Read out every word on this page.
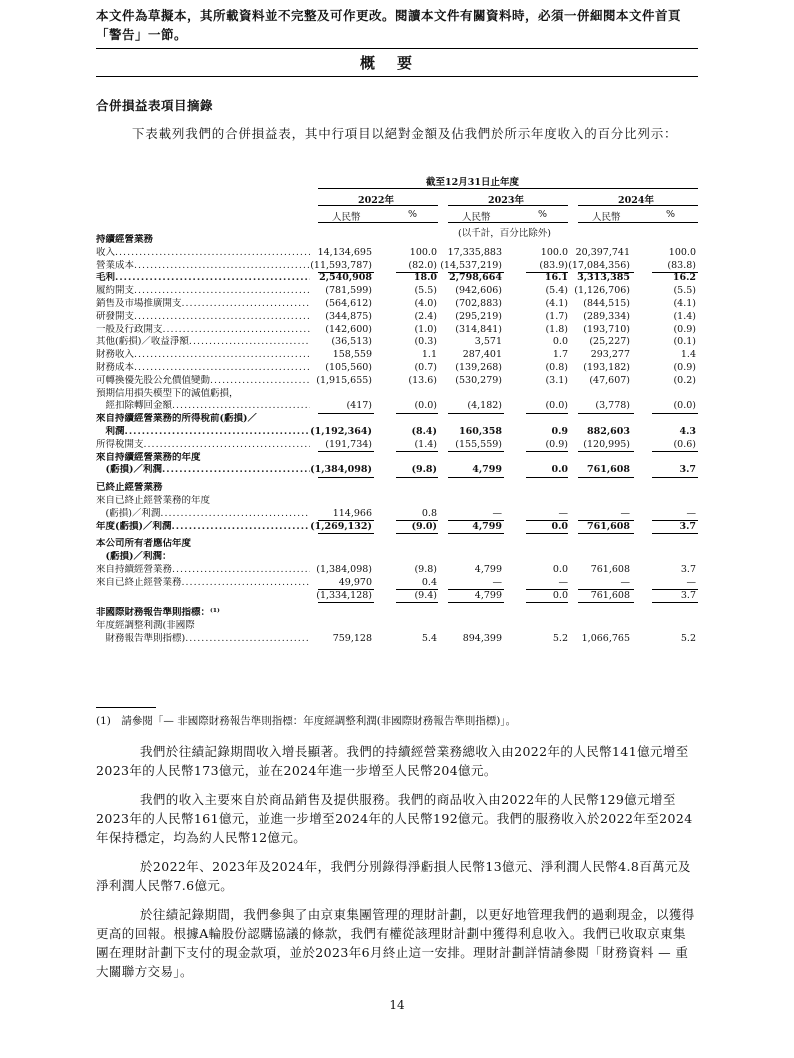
本文件為草擬本，其所載資料並不完整及可作更改。閱讀本文件有關資料時，必須一併細閱本文件首頁「警告」一節。
概要
合併損益表項目摘錄
下表載列我們的合併損益表，其中行項目以絕對金額及佔我們於所示年度收入的百分比列示：
截至12月31日止年度
2022年	2023年	2024年
人民幣	%	人民幣	%	人民幣	%
(以千計，百分比除外)
持續經營業務
收入 .....	14,134,695	100.0 17,335,883	100.0 20,397,741	100.0
營業成本 .....	(11,593,787)	(82.0) (14,537,219)	(83.9) (17,084,356)	(83.8)
毛利 .....	2,540,908	18.0 2,798,664	16.1 3,313,385	16.2
履約開支 .....	(781,599)	(5.5) (942,606)	(5.4) (1,126,706)	(5.5)
銷售及市場推廣開支 .....	(564,612)	(4.0) (702,883)	(4.1) (844,515)	(4.1)
研發開支 .....	(344,875)	(2.4) (295,219)	(1.7) (289,334)	(1.4)
一般及行政開支 .....	(142,600)	(1.0) (314,841)	(1.8) (193,710)	(0.9)
其他(虧損)／收益淨額 .....	(36,513)	(0.3)	3,571	0.0 (25,227)	(0.1)
財務收入 .....	158,559	1.1	287,401	1.7 293,277	1.4
財務成本 .....	(105,560)	(0.7) (139,268)	(0.8) (193,182)	(0.9)
可轉換優先股公允價值變動 .....	(1,915,655)	(13.6) (530,279)	(3.1) (47,607)	(0.2)
預期信用損失模型下的減值虧損，
　經扣除轉回金額 .....	(417)	(0.0)	(4,182)	(0.0)	(3,778)	(0.0)
來自持續經營業務的所得稅前(虧損)／
　利潤 .....	(1,192,364)	(8.4) 160,358	0.9 882,603	4.3
所得稅開支 .....	(191,734)	(1.4) (155,559)	(0.9) (120,995)	(0.6)
來自持續經營業務的年度
　(虧損)／利潤 .....	(1,384,098)	(9.8)	4,799	0.0 761,608	3.7
已終止經營業務
來自已終止經營業務的年度
　(虧損)／利潤 .....	114,966	0.8	—	—	—	—
年度(虧損)／利潤 .....	(1,269,132)	(9.0)	4,799	0.0 761,608	3.7
本公司所有者應佔年度
　(虧損)／利潤：
來自持續經營業務 .....	(1,384,098)	(9.8)	4,799	0.0 761,608	3.7
來自已終止經營業務 .....	49,970	0.4	—	—	—	—
(1,334,128)	(9.4)	4,799	0.0 761,608	3.7
非國際財務報告準則指標：⁽¹⁾
年度經調整利潤(非國際
　財務報告準則指標) .....	759,128	5.4	894,399	5.2 1,066,765	5.2
(1)　請參閱「— 非國際財務報告準則指標：年度經調整利潤(非國際財務報告準則指標)」。
我們於往績記錄期間收入增長顯著。我們的持續經營業務總收入由2022年的人民幣141億元增至2023年的人民幣173億元，並在2024年進一步增至人民幣204億元。
我們的收入主要來自於商品銷售及提供服務。我們的商品收入由2022年的人民幣129億元增至2023年的人民幣161億元，並進一步增至2024年的人民幣192億元。我們的服務收入於2022年至2024年保持穩定，均為約人民幣12億元。
於2022年、2023年及2024年，我們分別錄得淨虧損人民幣13億元、淨利潤人民幣4.8百萬元及淨利潤人民幣7.6億元。
於往績記錄期間，我們參與了由京東集團管理的理財計劃，以更好地管理我們的過剩現金，以獲得更高的回報。根據A輪股份認購協議的條款，我們有權從該理財計劃中獲得利息收入。我們已收取京東集團在理財計劃下支付的現金款項，並於2023年6月終止這一安排。理財計劃詳情請參閱「財務資料 — 重大關聯方交易」。
14
